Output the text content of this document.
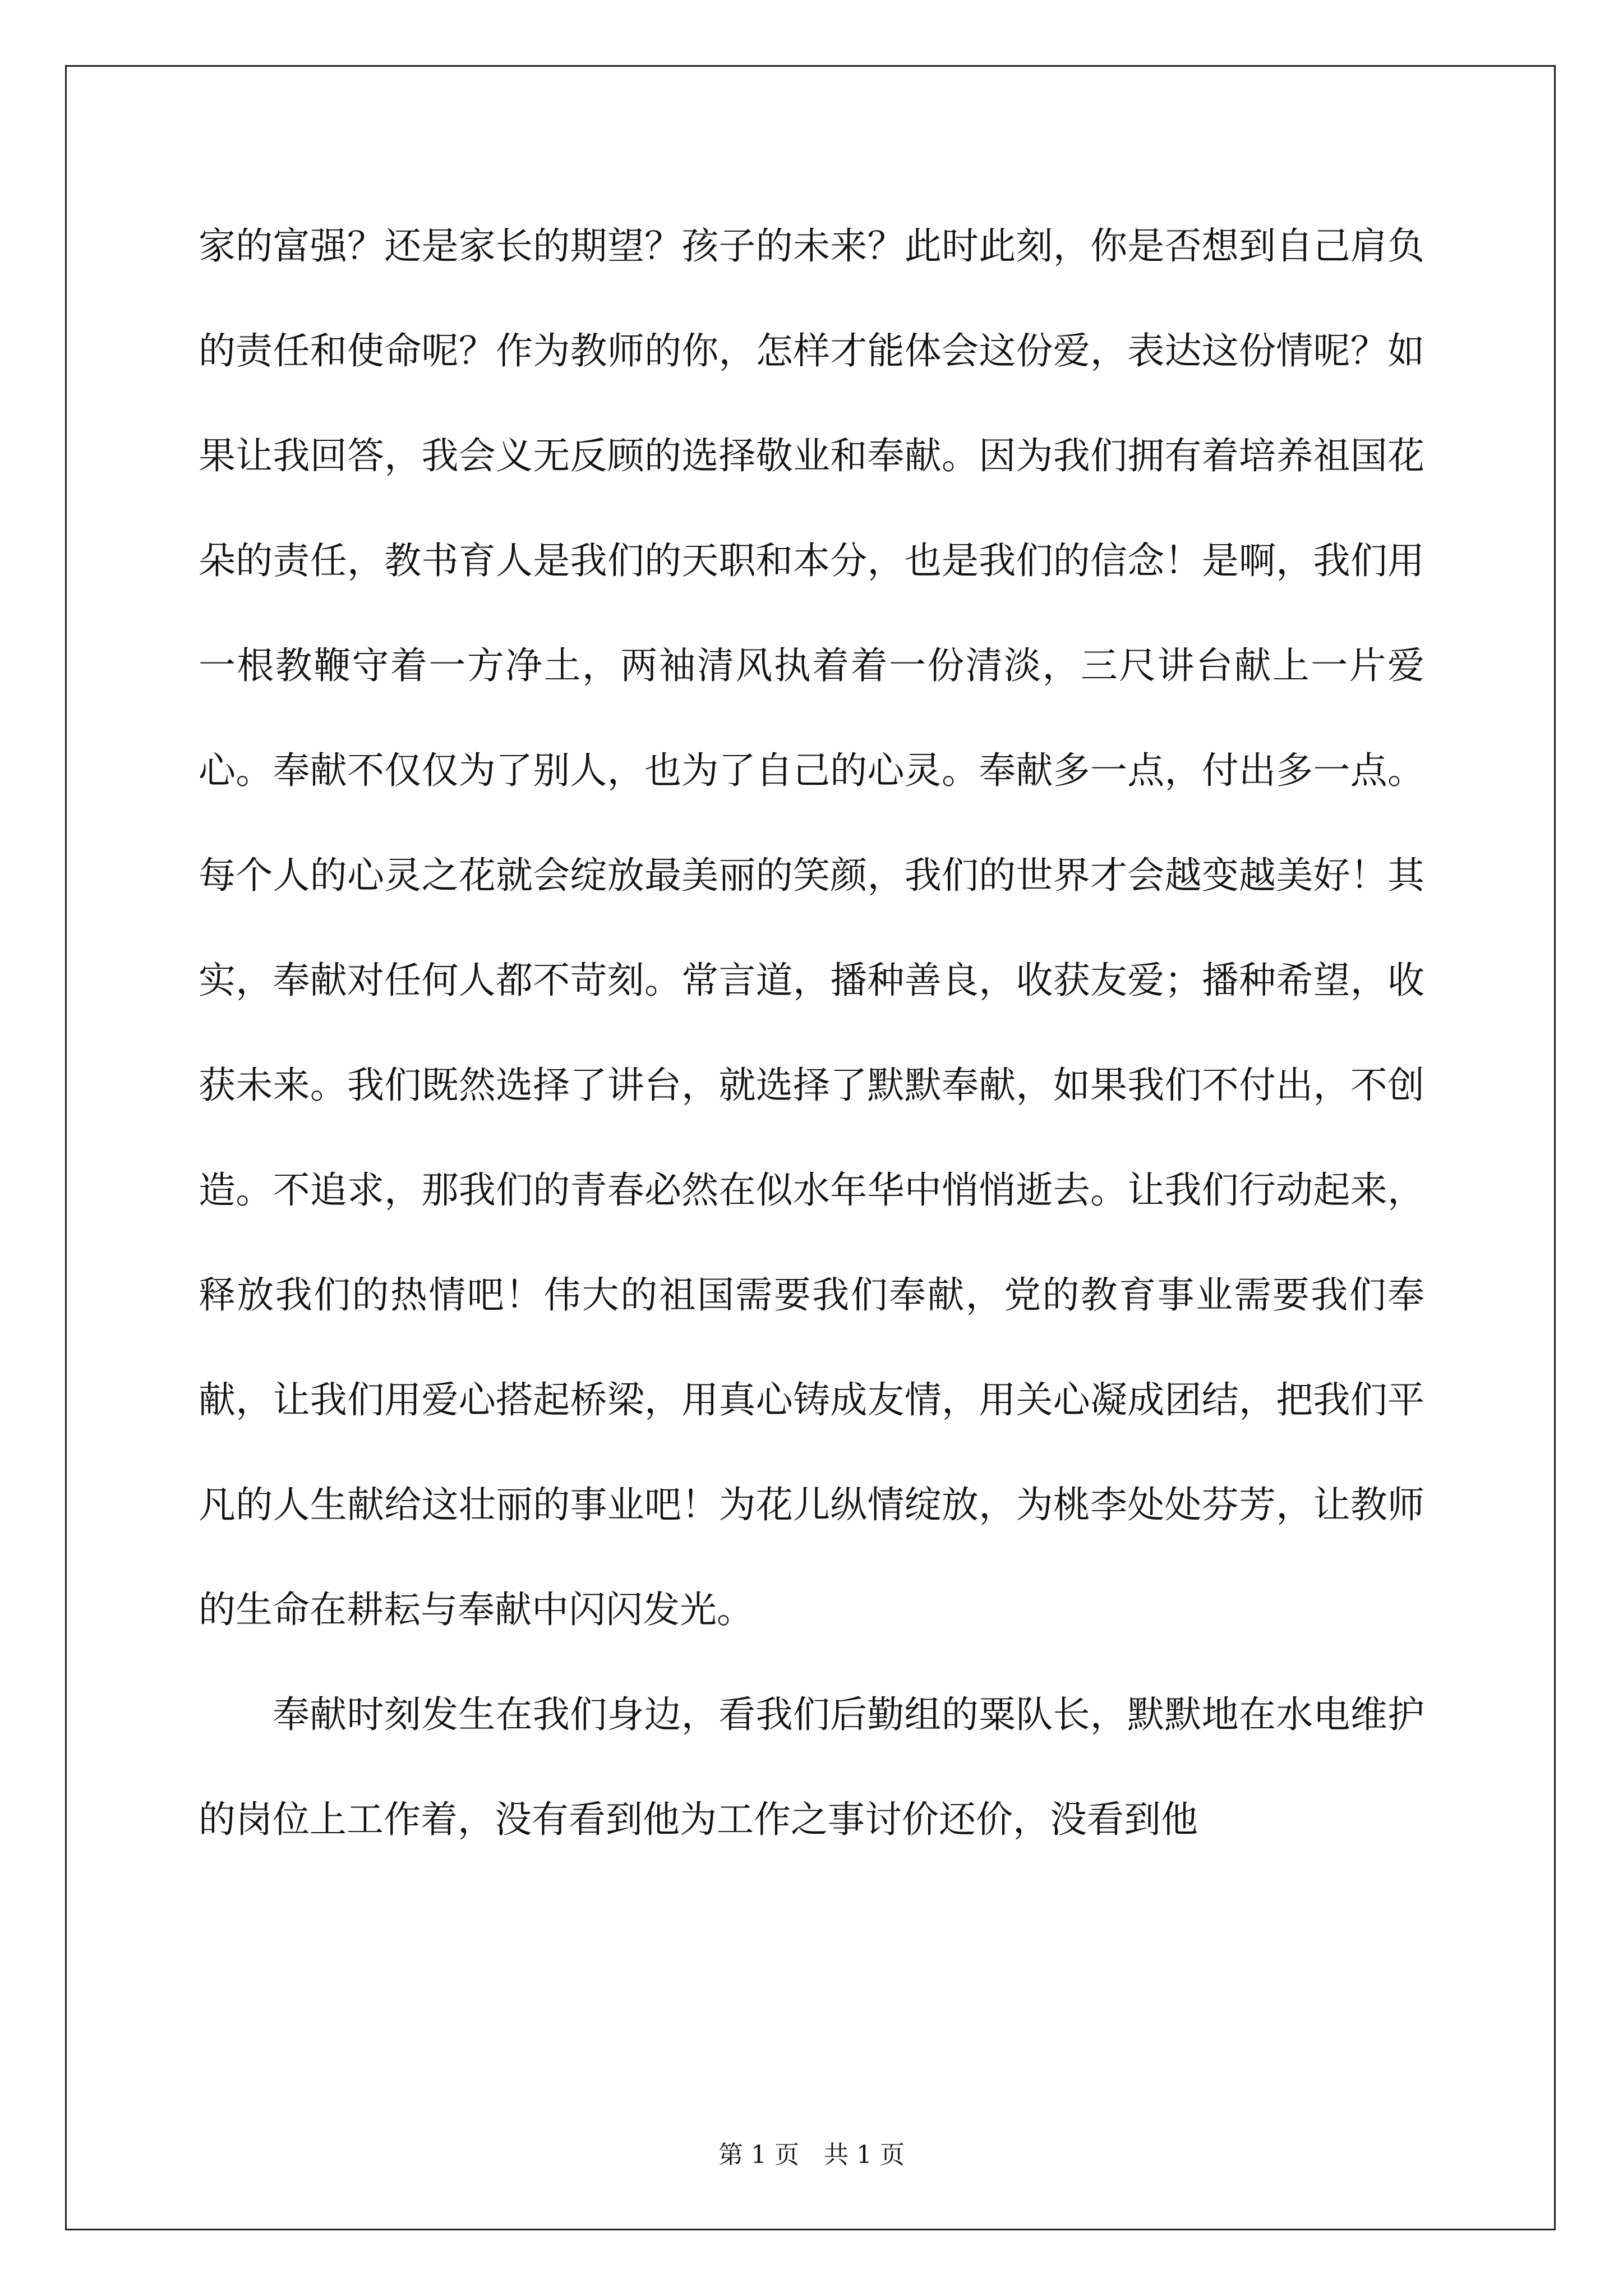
家的富强？还是家长的期望？孩子的未来？此时此刻，你是否想到自己肩负的责任和使命呢？作为教师的你，怎样才能体会这份爱，表达这份情呢？如果让我回答，我会义无反顾的选择敬业和奉献。因为我们拥有着培养祖国花朵的责任，教书育人是我们的天职和本分，也是我们的信念！是啊，我们用一根教鞭守着一方净土，两袖清风执着着一份清淡，三尺讲台献上一片爱心。奉献不仅仅为了别人，也为了自己的心灵。奉献多一点，付出多一点。每个人的心灵之花就会绽放最美丽的笑颜，我们的世界才会越变越美好！其实，奉献对任何人都不苛刻。常言道，播种善良，收获友爱；播种希望，收获未来。我们既然选择了讲台，就选择了默默奉献，如果我们不付出，不创造。不追求，那我们的青春必然在似水年华中悄悄逝去。让我们行动起来，释放我们的热情吧！伟大的祖国需要我们奉献，党的教育事业需要我们奉献，让我们用爱心搭起桥梁，用真心铸成友情，用关心凝成团结，把我们平凡的人生献给这壮丽的事业吧！为花儿纵情绽放，为桃李处处芬芳，让教师的生命在耕耘与奉献中闪闪发光。

奉献时刻发生在我们身边，看我们后勤组的粟队长，默默地在水电维护的岗位上工作着，没有看到他为工作之事讨价还价，没看到他

第 1 页　共 1 页
